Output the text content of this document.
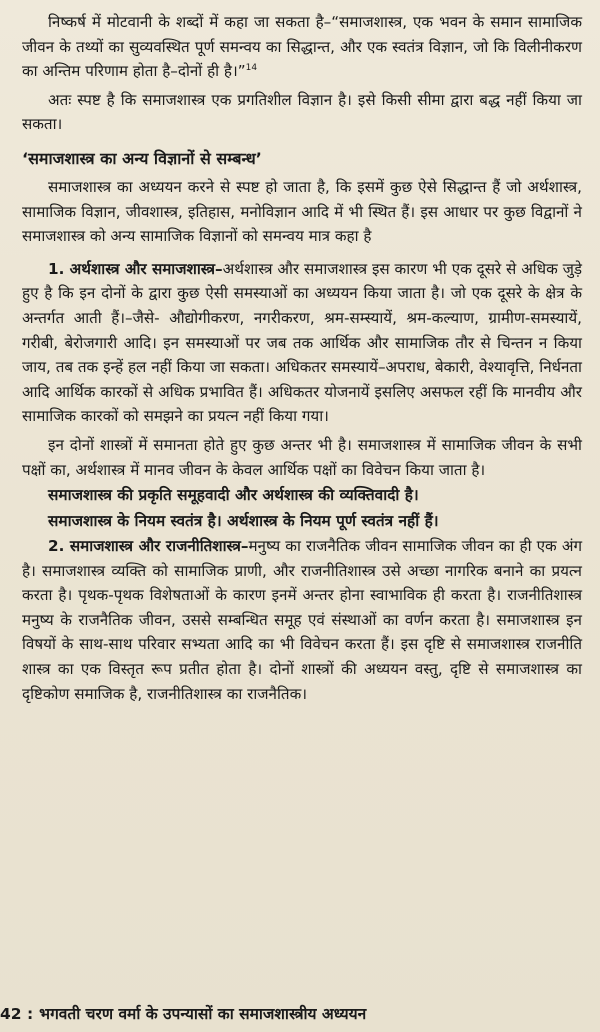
निष्कर्ष में मोटवानी के शब्दों में कहा जा सकता है–“समाजशास्त्र, एक भवन के समान सामाजिक जीवन के तथ्यों का सुव्यवस्थित पूर्ण समन्वय का सिद्धान्त, और एक स्वतंत्र विज्ञान, जो कि विलीनीकरण का अन्तिम परिणाम होता है–दोनों ही है।”$^{14}$

अतः स्पष्ट है कि समाजशास्त्र एक प्रगतिशील विज्ञान है। इसे किसी सीमा द्वारा बद्ध नहीं किया जा सकता।

‘समाजशास्त्र का अन्य विज्ञानों से सम्बन्ध’

समाजशास्त्र का अध्ययन करने से स्पष्ट हो जाता है, कि इसमें कुछ ऐसे सिद्धान्त हैं जो अर्थशास्त्र, सामाजिक विज्ञान, जीवशास्त्र, इतिहास, मनोविज्ञान आदि में भी स्थित हैं। इस आधार पर कुछ विद्वानों ने समाजशास्त्र को अन्य सामाजिक विज्ञानों को समन्वय मात्र कहा है

1. अर्थशास्त्र और समाजशास्त्र–अर्थशास्त्र और समाजशास्त्र इस कारण भी एक दूसरे से अधिक जुड़े हुए है कि इन दोनों के द्वारा कुछ ऐसी समस्याओं का अध्ययन किया जाता है। जो एक दूसरे के क्षेत्र के अन्तर्गत आती हैं।–जैसे- औद्योगीकरण, नगरीकरण, श्रम-सम्स्यायें, श्रम-कल्याण, ग्रामीण-समस्यायें, गरीबी, बेरोजगारी आदि। इन समस्याओं पर जब तक आर्थिक और सामाजिक तौर से चिन्तन न किया जाय, तब तक इन्हें हल नहीं किया जा सकता। अधिकतर समस्यायें–अपराध, बेकारी, वेश्यावृत्ति, निर्धनता आदि आर्थिक कारकों से अधिक प्रभावित हैं। अधिकतर योजनायें इसलिए असफल रहीं कि मानवीय और सामाजिक कारकों को समझने का प्रयत्न नहीं किया गया।

इन दोनों शास्त्रों में समानता होते हुए कुछ अन्तर भी है। समाजशास्त्र में सामाजिक जीवन के सभी पक्षों का, अर्थशास्त्र में मानव जीवन के केवल आर्थिक पक्षों का विवेचन किया जाता है।

समाजशास्त्र की प्रकृति समूहवादी और अर्थशास्त्र की व्यक्तिवादी है।

समाजशास्त्र के नियम स्वतंत्र है। अर्थशास्त्र के नियम पूर्ण स्वतंत्र नहीं हैं।

2. समाजशास्त्र और राजनीतिशास्त्र–मनुष्य का राजनैतिक जीवन सामाजिक जीवन का ही एक अंग है। समाजशास्त्र व्यक्ति को सामाजिक प्राणी, और राजनीतिशास्त्र उसे अच्छा नागरिक बनाने का प्रयत्न करता है। पृथक-पृथक विशेषताओं के कारण इनमें अन्तर होना स्वाभाविक ही करता है। राजनीतिशास्त्र मनुष्य के राजनैतिक जीवन, उससे सम्बन्धित समूह एवं संस्थाओं का वर्णन करता है। समाजशास्त्र इन विषयों के साथ-साथ परिवार सभ्यता आदि का भी विवेचन करता हैं। इस दृष्टि से समाजशास्त्र राजनीति शास्त्र का एक विस्तृत रूप प्रतीत होता है। दोनों शास्त्रों की अध्ययन वस्तु, दृष्टि से समाजशास्त्र का दृष्टिकोण समाजिक है, राजनीतिशास्त्र का राजनैतिक।

42 : भगवती चरण वर्मा के उपन्यासों का समाजशास्त्रीय अध्ययन
